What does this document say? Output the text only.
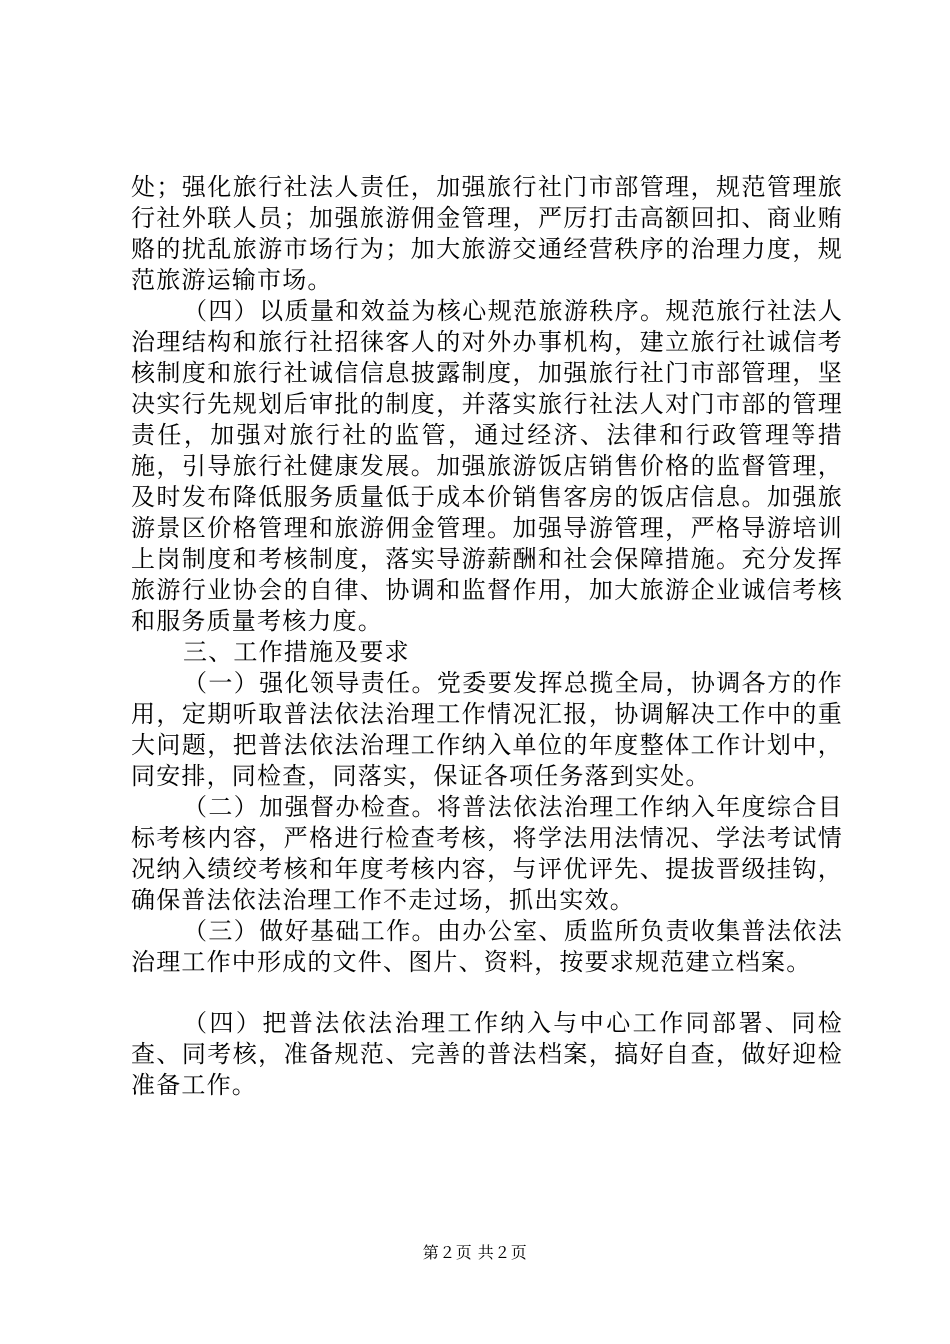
处；强化旅行社法人责任，加强旅行社门市部管理，规范管理旅行社外联人员；加强旅游佣金管理，严厉打击高额回扣、商业贿赂的扰乱旅游市场行为；加大旅游交通经营秩序的治理力度，规范旅游运输市场。

（四）以质量和效益为核心规范旅游秩序。规范旅行社法人治理结构和旅行社招徕客人的对外办事机构，建立旅行社诚信考核制度和旅行社诚信信息披露制度，加强旅行社门市部管理，坚决实行先规划后审批的制度，并落实旅行社法人对门市部的管理责任，加强对旅行社的监管，通过经济、法律和行政管理等措施，引导旅行社健康发展。加强旅游饭店销售价格的监督管理，及时发布降低服务质量低于成本价销售客房的饭店信息。加强旅游景区价格管理和旅游佣金管理。加强导游管理，严格导游培训上岗制度和考核制度，落实导游薪酬和社会保障措施。充分发挥旅游行业协会的自律、协调和监督作用，加大旅游企业诚信考核和服务质量考核力度。

三、工作措施及要求

（一）强化领导责任。党委要发挥总揽全局，协调各方的作用，定期听取普法依法治理工作情况汇报，协调解决工作中的重大问题，把普法依法治理工作纳入单位的年度整体工作计划中，同安排，同检查，同落实，保证各项任务落到实处。

（二）加强督办检查。将普法依法治理工作纳入年度综合目标考核内容，严格进行检查考核，将学法用法情况、学法考试情况纳入绩绞考核和年度考核内容，与评优评先、提拔晋级挂钩，确保普法依法治理工作不走过场，抓出实效。

（三）做好基础工作。由办公室、质监所负责收集普法依法治理工作中形成的文件、图片、资料，按要求规范建立档案。

（四）把普法依法治理工作纳入与中心工作同部署、同检查、同考核，准备规范、完善的普法档案，搞好自查，做好迎检准备工作。

第２页 共２页
